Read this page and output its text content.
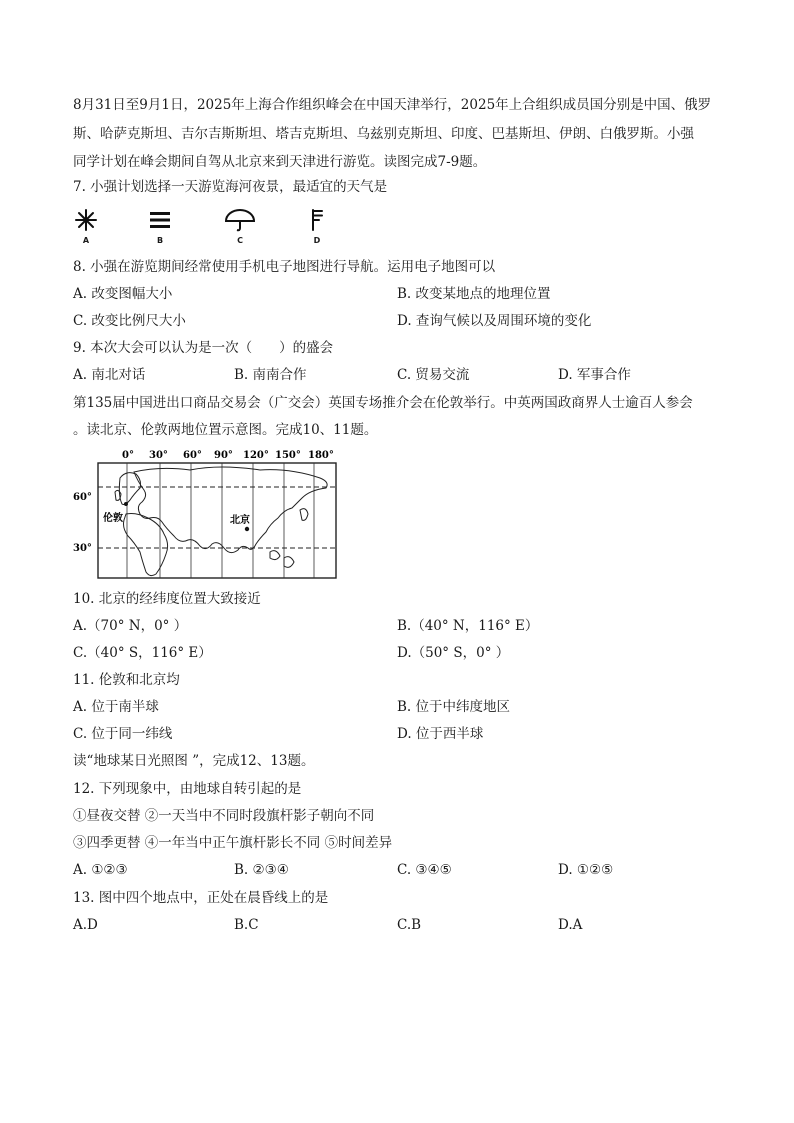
8月31日至9月1日，2025年上海合作组织峰会在中国天津举行，2025年上合组织成员国分别是中国、俄罗
斯、哈萨克斯坦、吉尔吉斯斯坦、塔吉克斯坦、乌兹别克斯坦、印度、巴基斯坦、伊朗、白俄罗斯。小强
同学计划在峰会期间自驾从北京来到天津进行游览。读图完成7-9题。
7. 小强计划选择一天游览海河夜景，最适宜的天气是
A	B	C	D
8. 小强在游览期间经常使用手机电子地图进行导航。运用电子地图可以
A. 改变图幅大小	B. 改变某地点的地理位置
C. 改变比例尺大小	D. 查询气候以及周围环境的变化
9. 本次大会可以认为是一次（　　）的盛会
A. 南北对话	B. 南南合作	C. 贸易交流	D. 军事合作
第135届中国进出口商品交易会（广交会）英国专场推介会在伦敦举行。中英两国政商界人士逾百人参会
。读北京、伦敦两地位置示意图。完成10、11题。
0° 30° 60° 90° 120° 150° 180°
60°
30°
伦敦	北京
10. 北京的经纬度位置大致接近
A.（70° N，0° ）	B.（40° N，116° E）
C.（40° S，116° E）	D.（50° S，0° ）
11. 伦敦和北京均
A. 位于南半球	B. 位于中纬度地区
C. 位于同一纬线	D. 位于西半球
读“地球某日光照图 ”，完成12、13题。
12. 下列现象中，由地球自转引起的是
①昼夜交替 ②一天当中不同时段旗杆影子朝向不同
③四季更替 ④一年当中正午旗杆影长不同 ⑤时间差异
A. ①②③	B. ②③④	C. ③④⑤	D. ①②⑤
13. 图中四个地点中，正处在晨昏线上的是
A.D	B.C	C.B	D.A
